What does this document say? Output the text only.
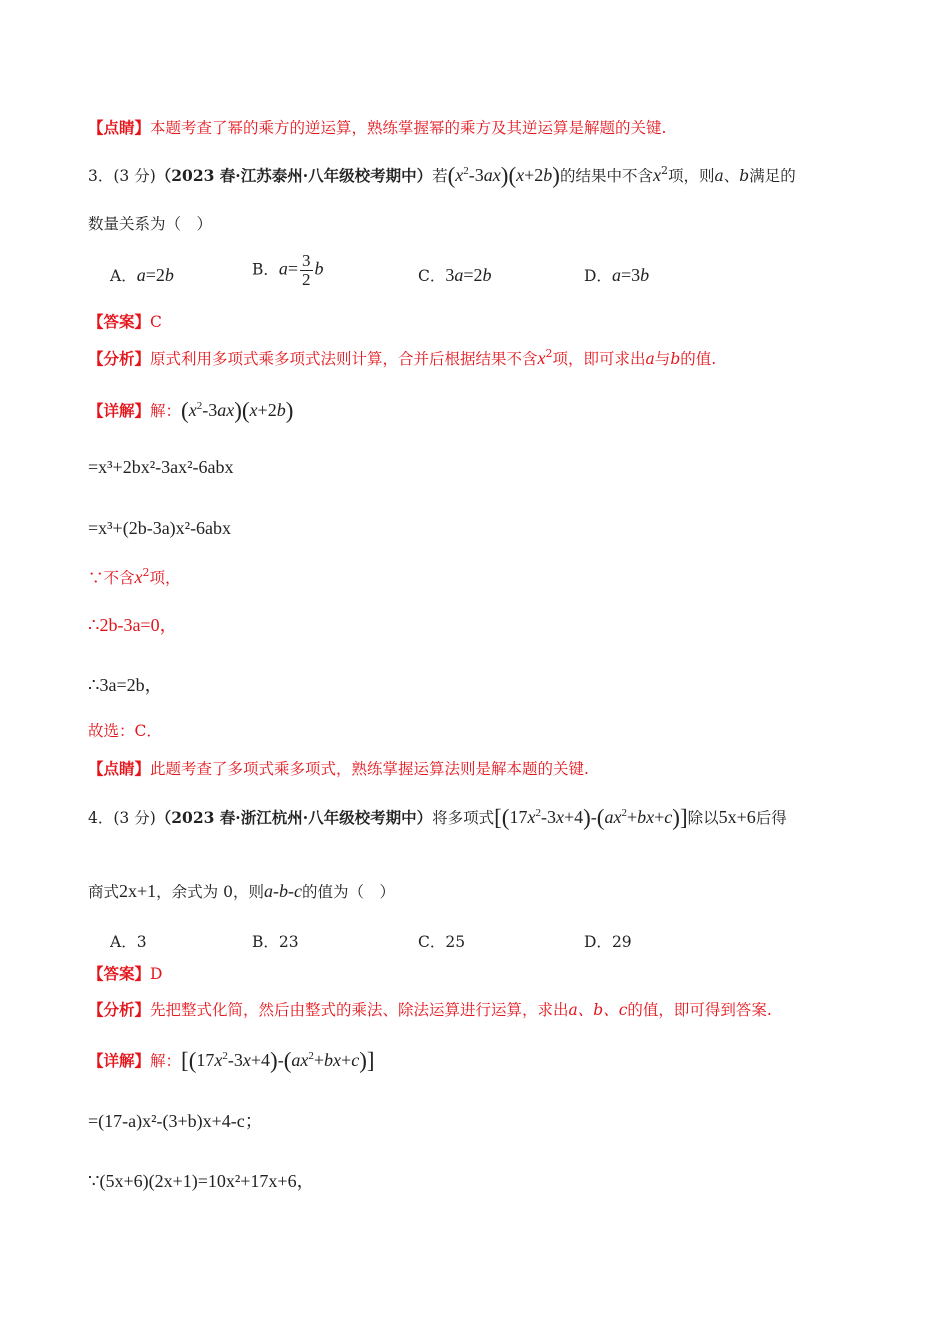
【点睛】本题考查了幂的乘方的逆运算，熟练掌握幂的乘方及其逆运算是解题的关键.
3．(3 分)（2023 春·江苏泰州·八年级校考期中）若$(x^2-3ax)(x+2b)$的结果中不含$x^2$项，则a、b满足的
数量关系为（　）
A．a=2b	B．$a= \frac{3}{2}$ b	C．3a=2b	D．a=3b
【答案】C
【分析】原式利用多项式乘多项式法则计算，合并后根据结果不含$x^2$项，即可求出a与b的值.
【详解】解：$(x^2-3ax)(x+2b)$
=x³+2bx²-3ax²-6abx
=x³+(2b-3a)x²-6abx
∵不含$x^2$项，
∴2b-3a=0，
∴3a=2b，
故选：C．
【点睛】此题考查了多项式乘多项式，熟练掌握运算法则是解本题的关键.
4．(3 分)（2023 春·浙江杭州·八年级校考期中）将多项式$[(17x^2-3x+4)-(ax^2+bx+c)]$除以5x+6后得
商式2x+1，余式为 0，则a-b-c的值为（　）
A．3	B．23	C．25	D．29
【答案】D
【分析】先把整式化简，然后由整式的乘法、除法运算进行运算，求出a、b、c的值，即可得到答案.
【详解】解：$[(17x^2-3x+4)-(ax^2+bx+c)]$
=(17-a)x²-(3+b)x+4-c；
∵(5x+6)(2x+1)=10x²+17x+6，
